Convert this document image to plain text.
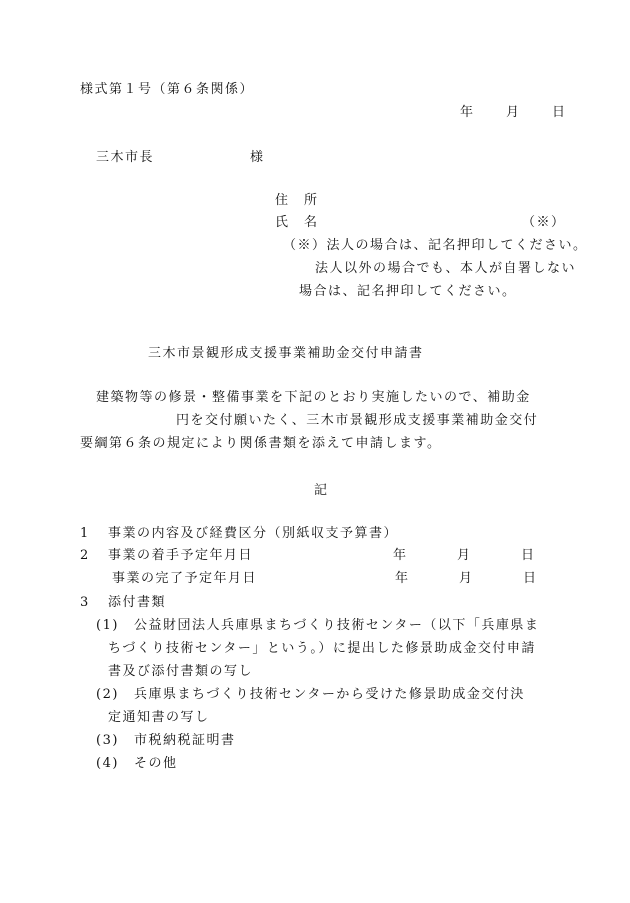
様式第１号（第６条関係）
年 月 日
三木市長	様
住　所
氏　名	（※）
（※）法人の場合は、記名押印してください。
法人以外の場合でも、本人が自署しない
場合は、記名押印してください。
三木市景観形成支援事業補助金交付申請書
建築物等の修景・整備事業を下記のとおり実施したいので、補助金
円を交付願いたく、三木市景観形成支援事業補助金交付
要綱第６条の規定により関係書類を添えて申請します。
記
1 事業の内容及び経費区分（別紙収支予算書）
2 事業の着手予定年月日	年	月	日
事業の完了予定年月日	年	月	日
3 添付書類
(1) 公益財団法人兵庫県まちづくり技術センター（以下「兵庫県ま
ちづくり技術センター」という。）に提出した修景助成金交付申請
書及び添付書類の写し
(2) 兵庫県まちづくり技術センターから受けた修景助成金交付決
定通知書の写し
(3) 市税納税証明書
(4) その他
